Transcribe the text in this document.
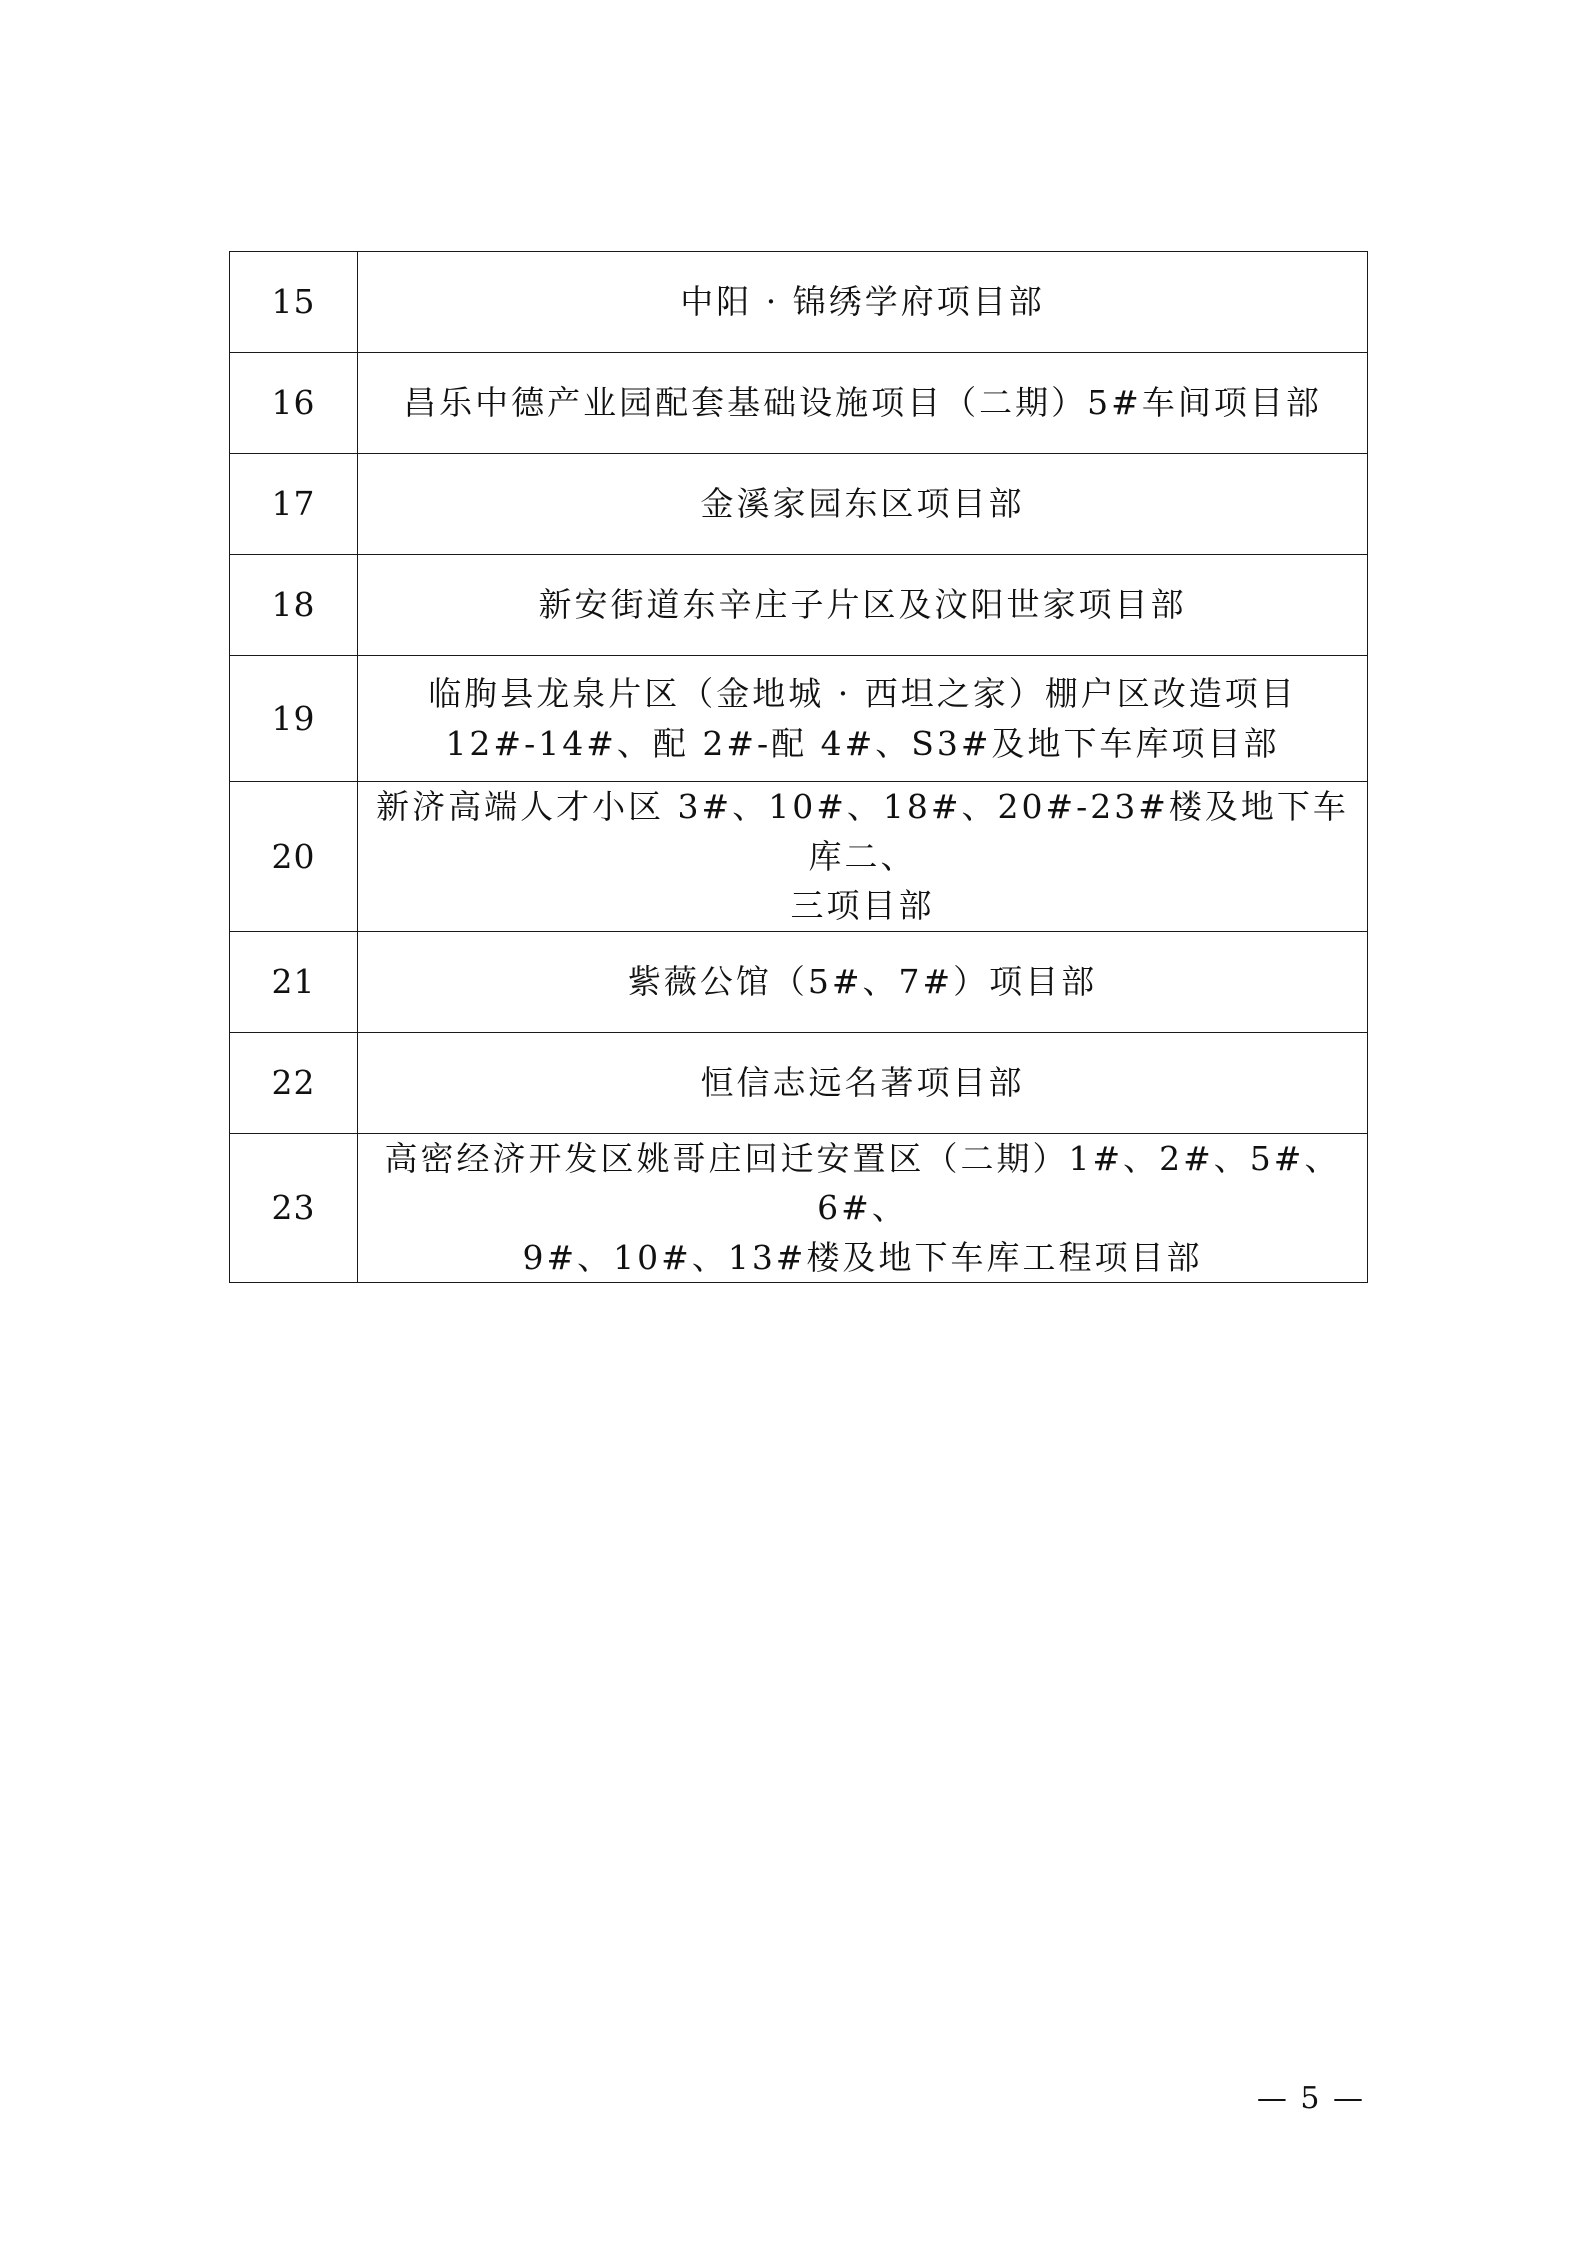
15	中阳 · 锦绣学府项目部

16	昌乐中德产业园配套基础设施项目（二期）5#车间项目部

17	金溪家园东区项目部

18	新安街道东辛庄子片区及汶阳世家项目部

19	临朐县龙泉片区（金地城 · 西坦之家）棚户区改造项目
12#-14#、配 2#-配 4#、S3#及地下车库项目部

20	新济高端人才小区 3#、10#、18#、20#-23#楼及地下车库二、
三项目部

21	紫薇公馆（5#、7#）项目部

22	恒信志远名著项目部

23	高密经济开发区姚哥庄回迁安置区（二期）1#、2#、5#、6#、
9#、10#、13#楼及地下车库工程项目部
— 5 —
